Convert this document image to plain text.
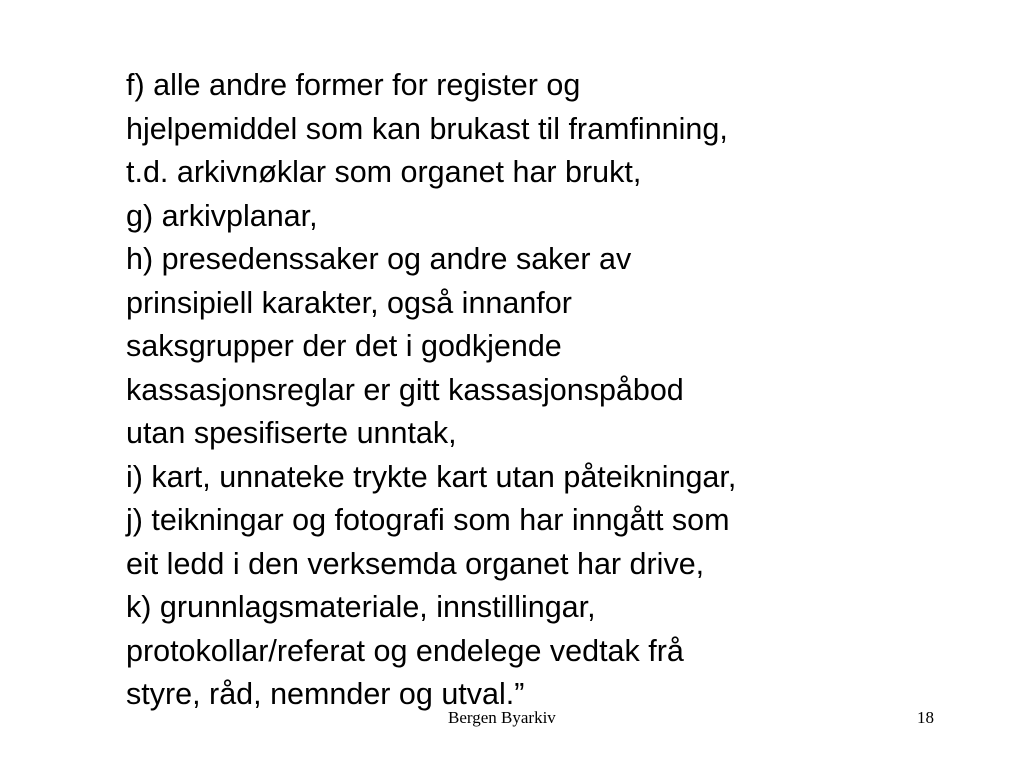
f) alle andre former for register og
hjelpemiddel som kan brukast til framfinning,
t.d. arkivnøklar som organet har brukt,
g) arkivplanar,
h) presedenssaker og andre saker av
prinsipiell karakter, også innanfor
saksgrupper der det i godkjende
kassasjonsreglar er gitt kassasjonspåbod
utan spesifiserte unntak,
i) kart, unnateke trykte kart utan påteikningar,
j) teikningar og fotografi som har inngått som
eit ledd i den verksemda organet har drive,
k) grunnlagsmateriale, innstillingar,
protokollar/referat og endelege vedtak frå
styre, råd, nemnder og utval.”
Bergen Byarkiv	18
